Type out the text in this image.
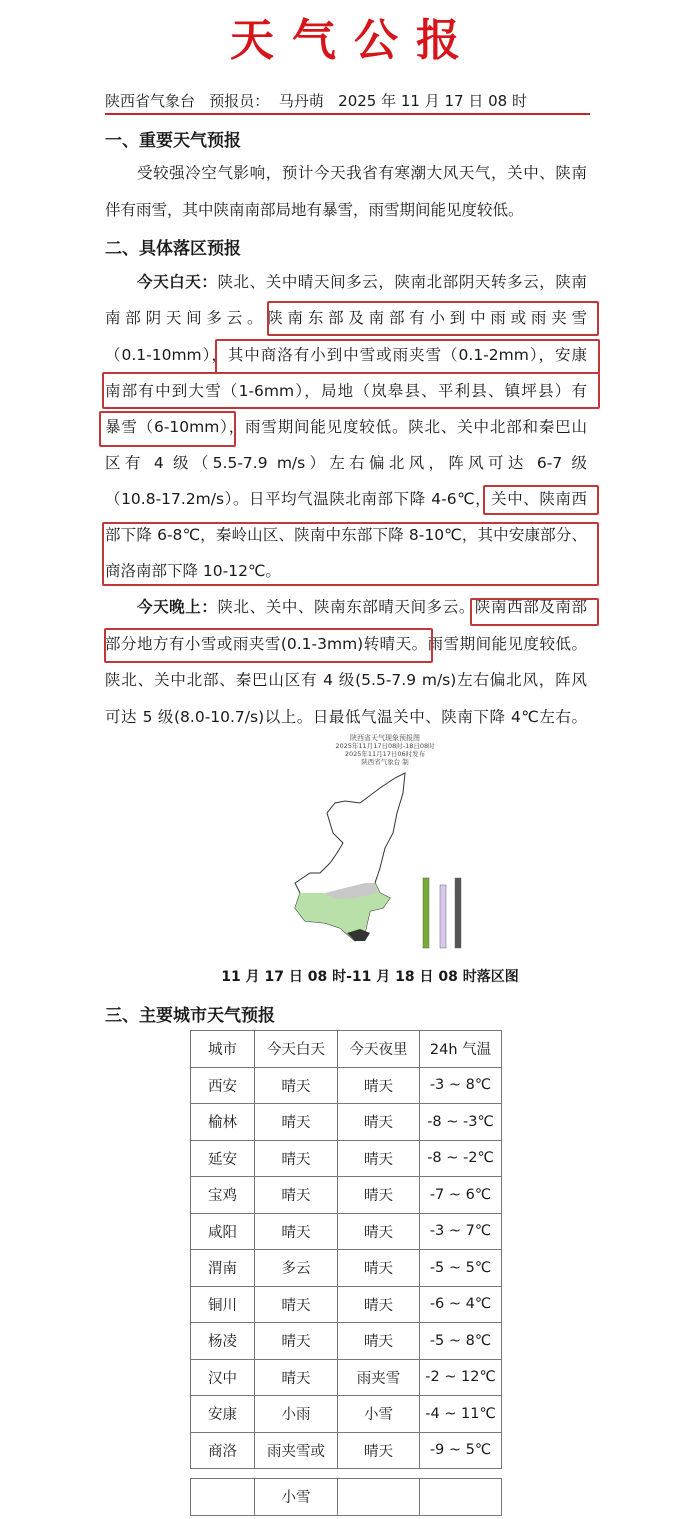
天气公报
陕西省气象台   预报员：  马丹萌   2025 年 11 月 17 日 08 时
一、重要天气预报
受较强冷空气影响，预计今天我省有寒潮大风天气，关中、陕南
伴有雨雪，其中陕南南部局地有暴雪，雨雪期间能见度较低。
二、具体落区预报
今天白天：陕北、关中晴天间多云，陕南北部阴天转多云，陕南
南部阴天间多云。陕南东部及南部有小到中雨或雨夹雪
（0.1-10mm），其中商洛有小到中雪或雨夹雪（0.1-2mm），安康
南部有中到大雪（1-6mm），局地（岚皋县、平利县、镇坪县）有
暴雪（6-10mm），雨雪期间能见度较低。陕北、关中北部和秦巴山
区有 4 级（5.5-7.9 m/s）左右偏北风，阵风可达 6-7 级
（10.8-17.2m/s）。日平均气温陕北南部下降 4-6℃，关中、陕南西
部下降 6-8℃，秦岭山区、陕南中东部下降 8-10℃，其中安康部分、
商洛南部下降 10-12℃。
今天晚上：陕北、关中、陕南东部晴天间多云。陕南西部及南部
部分地方有小雪或雨夹雪(0.1-3mm)转晴天。雨雪期间能见度较低。
陕北、关中北部、秦巴山区有 4 级(5.5-7.9 m/s)左右偏北风，阵风
可达 5 级(8.0-10.7/s)以上。日最低气温关中、陕南下降 4℃左右。
陕西省天气现象预报图
2025年11月17日08时-18日08时
2025年11月17日06时发布
陕西省气象台 制
11 月 17 日 08 时-11 月 18 日 08 时落区图
三、主要城市天气预报
城市	今天白天	今天夜里	24h 气温
西安	晴天	晴天	-3 ~ 8℃
榆林	晴天	晴天	-8 ~ -3℃
延安	晴天	晴天	-8 ~ -2℃
宝鸡	晴天	晴天	-7 ~ 6℃
咸阳	晴天	晴天	-3 ~ 7℃
渭南	多云	晴天	-5 ~ 5℃
铜川	晴天	晴天	-6 ~ 4℃
杨凌	晴天	晴天	-5 ~ 8℃
汉中	晴天	雨夹雪	-2 ~ 12℃
安康	小雨	小雪	-4 ~ 11℃
商洛	雨夹雪或	晴天	-9 ~ 5℃
	小雪		
